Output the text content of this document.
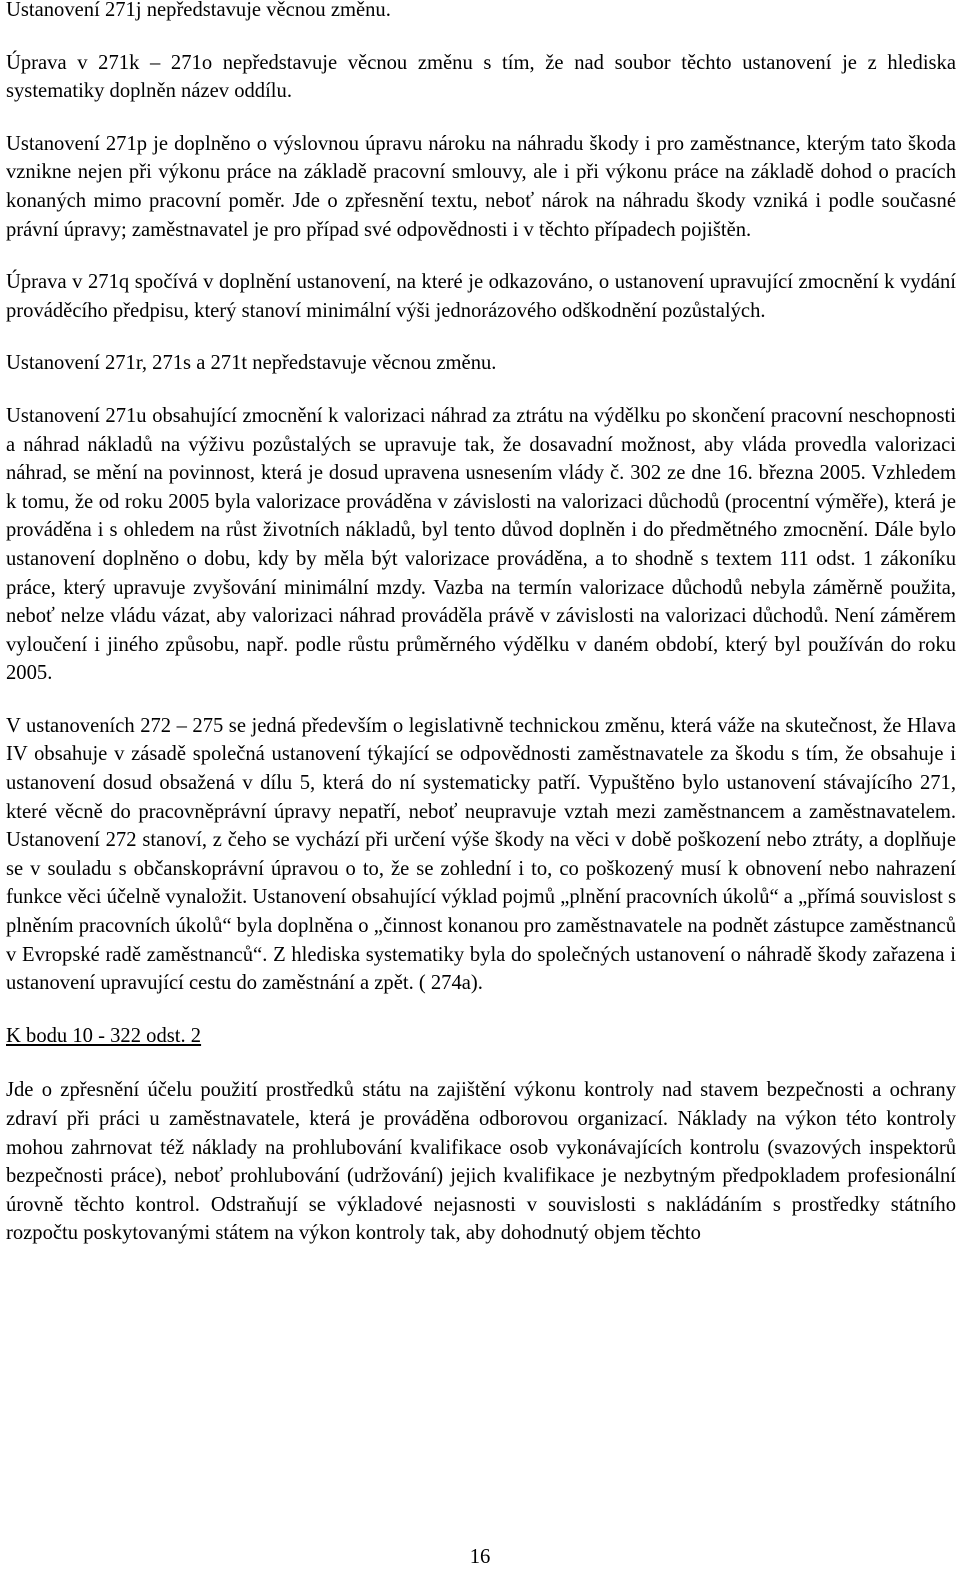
Ustanovení 271j nepředstavuje věcnou změnu.

Úprava v 271k – 271o nepředstavuje věcnou změnu s tím, že nad soubor těchto ustanovení je z hlediska systematiky doplněn název oddílu.

Ustanovení 271p je doplněno o výslovnou úpravu nároku na náhradu škody i pro zaměstnance, kterým tato škoda vznikne nejen při výkonu práce na základě pracovní smlouvy, ale i při výkonu práce na základě dohod o pracích konaných mimo pracovní poměr. Jde o zpřesnění textu, neboť nárok na náhradu škody vzniká i podle současné právní úpravy; zaměstnavatel je pro případ své odpovědnosti i v těchto případech pojištěn.

Úprava v 271q spočívá v doplnění ustanovení, na které je odkazováno, o ustanovení upravující zmocnění k vydání prováděcího předpisu, který stanoví minimální výši jednorázového odškodnění pozůstalých.

Ustanovení 271r, 271s a 271t nepředstavuje věcnou změnu.

Ustanovení 271u obsahující zmocnění k valorizaci náhrad za ztrátu na výdělku po skončení pracovní neschopnosti a náhrad nákladů na výživu pozůstalých se upravuje tak, že dosavadní možnost, aby vláda provedla valorizaci náhrad, se mění na povinnost, která je dosud upravena usnesením vlády č. 302 ze dne 16. března 2005. Vzhledem k tomu, že od roku 2005 byla valorizace prováděna v závislosti na valorizaci důchodů (procentní výměře), která je prováděna i s ohledem na růst životních nákladů, byl tento důvod doplněn i do předmětného zmocnění. Dále bylo ustanovení doplněno o dobu, kdy by měla být valorizace prováděna, a to shodně s textem 111 odst. 1 zákoníku práce, který upravuje zvyšování minimální mzdy. Vazba na termín valorizace důchodů nebyla záměrně použita, neboť nelze vládu vázat, aby valorizaci náhrad prováděla právě v závislosti na valorizaci důchodů. Není záměrem vyloučení i jiného způsobu, např. podle růstu průměrného výdělku v daném období, který byl používán do roku 2005.

V ustanoveních 272 – 275 se jedná především o legislativně technickou změnu, která váže na skutečnost, že Hlava IV obsahuje v zásadě společná ustanovení týkající se odpovědnosti zaměstnavatele za škodu s tím, že obsahuje i ustanovení dosud obsažená v dílu 5, která do ní systematicky patří. Vypuštěno bylo ustanovení stávajícího 271, které věcně do pracovněprávní úpravy nepatří, neboť neupravuje vztah mezi zaměstnancem a zaměstnavatelem. Ustanovení 272 stanoví, z čeho se vychází při určení výše škody na věci v době poškození nebo ztráty, a doplňuje se v souladu s občanskoprávní úpravou o to, že se zohlední i to, co poškozený musí k obnovení nebo nahrazení funkce věci účelně vynaložit. Ustanovení obsahující výklad pojmů „plnění pracovních úkolů“ a „přímá souvislost s plněním pracovních úkolů“ byla doplněna o „činnost konanou pro zaměstnavatele na podnět zástupce zaměstnanců v Evropské radě zaměstnanců“. Z hlediska systematiky byla do společných ustanovení o náhradě škody zařazena i ustanovení upravující cestu do zaměstnání a zpět. ( 274a).

K bodu 10 - 322 odst. 2

Jde o zpřesnění účelu použití prostředků státu na zajištění výkonu kontroly nad stavem bezpečnosti a ochrany zdraví při práci u zaměstnavatele, která je prováděna odborovou organizací. Náklady na výkon této kontroly mohou zahrnovat též náklady na prohlubování kvalifikace osob vykonávajících kontrolu (svazových inspektorů bezpečnosti práce), neboť prohlubování (udržování) jejich kvalifikace je nezbytným předpokladem profesionální úrovně těchto kontrol. Odstraňují se výkladové nejasnosti v souvislosti s nakládáním s prostředky státního rozpočtu poskytovanými státem na výkon kontroly tak, aby dohodnutý objem těchto

16
